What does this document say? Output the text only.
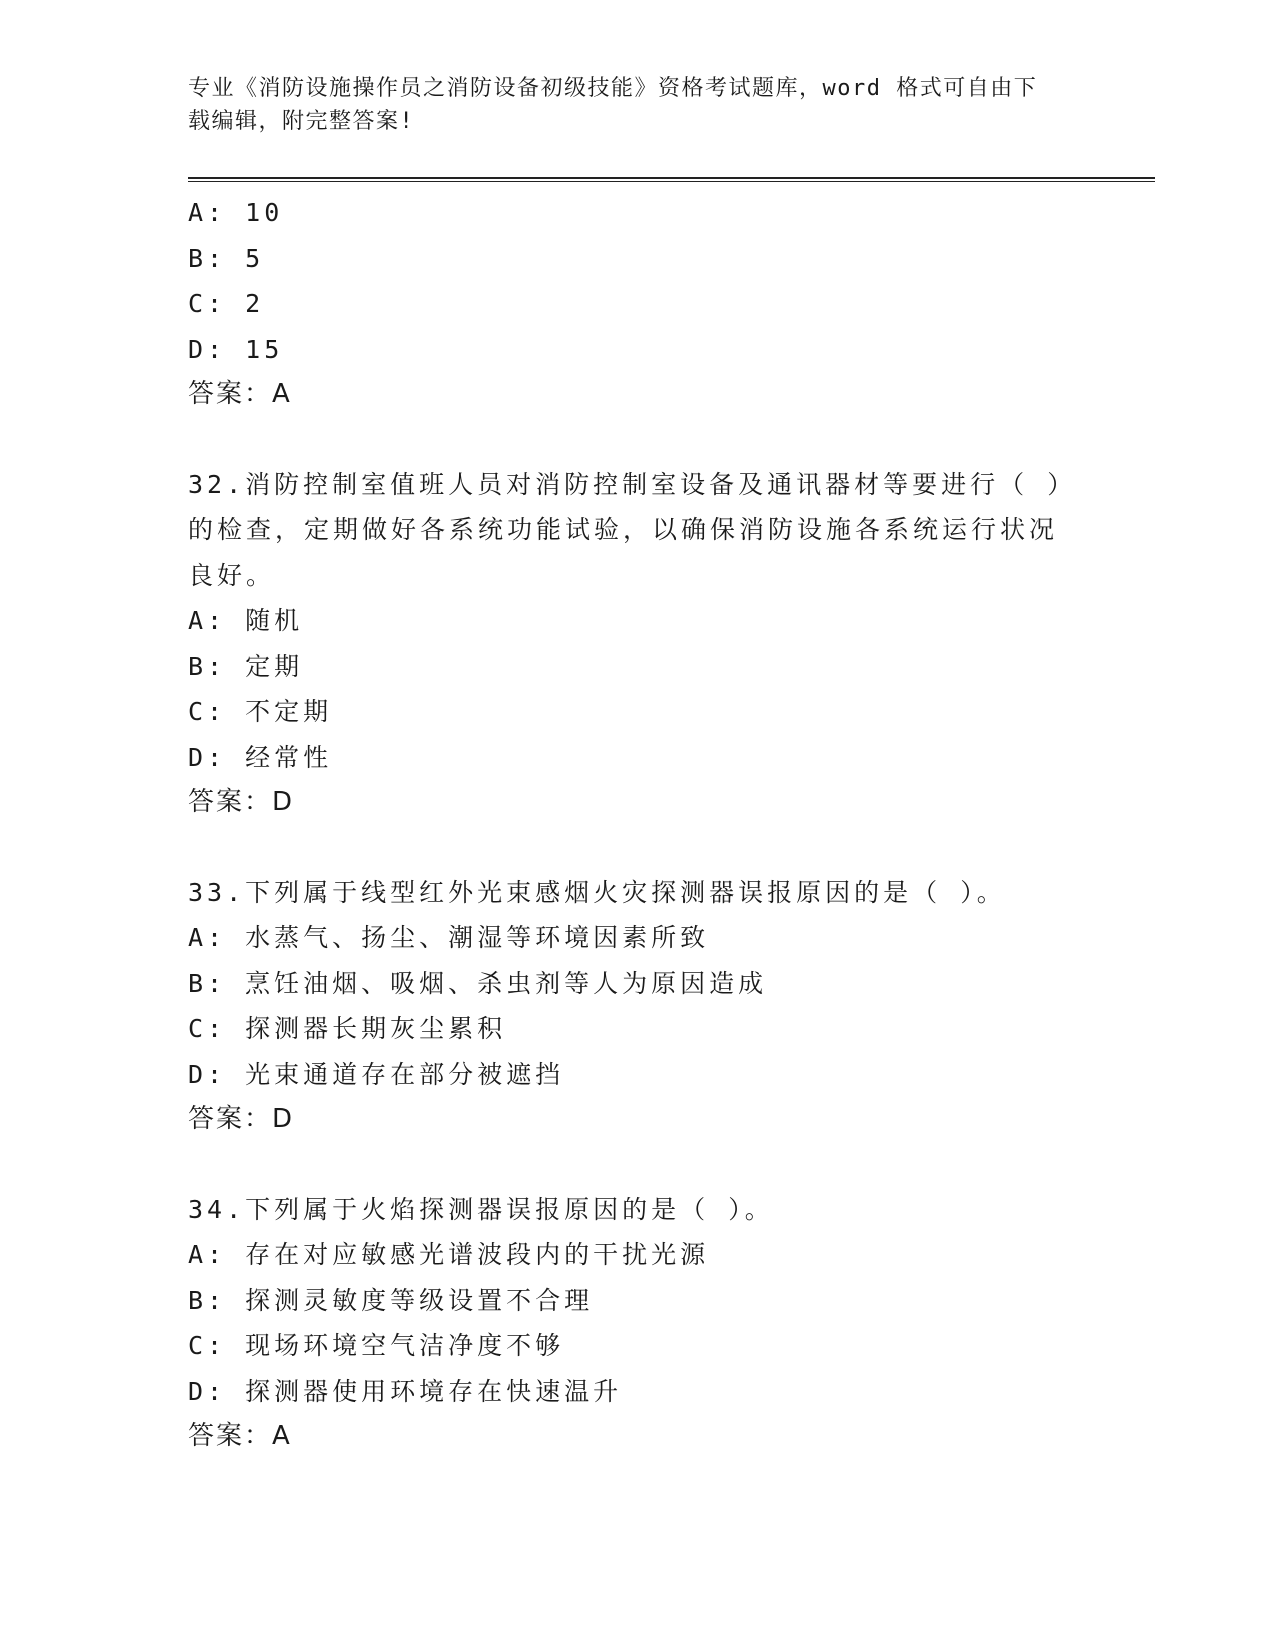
专业《消防设施操作员之消防设备初级技能》资格考试题库，word 格式可自由下
载编辑，附完整答案!
A: 10
B: 5
C: 2
D: 15
答案：A
32.消防控制室值班人员对消防控制室设备及通讯器材等要进行（ ）
的检查，定期做好各系统功能试验，以确保消防设施各系统运行状况
良好。
A: 随机
B: 定期
C: 不定期
D: 经常性
答案：D
33.下列属于线型红外光束感烟火灾探测器误报原因的是（ ）。
A: 水蒸气、扬尘、潮湿等环境因素所致
B: 烹饪油烟、吸烟、杀虫剂等人为原因造成
C: 探测器长期灰尘累积
D: 光束通道存在部分被遮挡
答案：D
34.下列属于火焰探测器误报原因的是（ ）。
A: 存在对应敏感光谱波段内的干扰光源
B: 探测灵敏度等级设置不合理
C: 现场环境空气洁净度不够
D: 探测器使用环境存在快速温升
答案：A
